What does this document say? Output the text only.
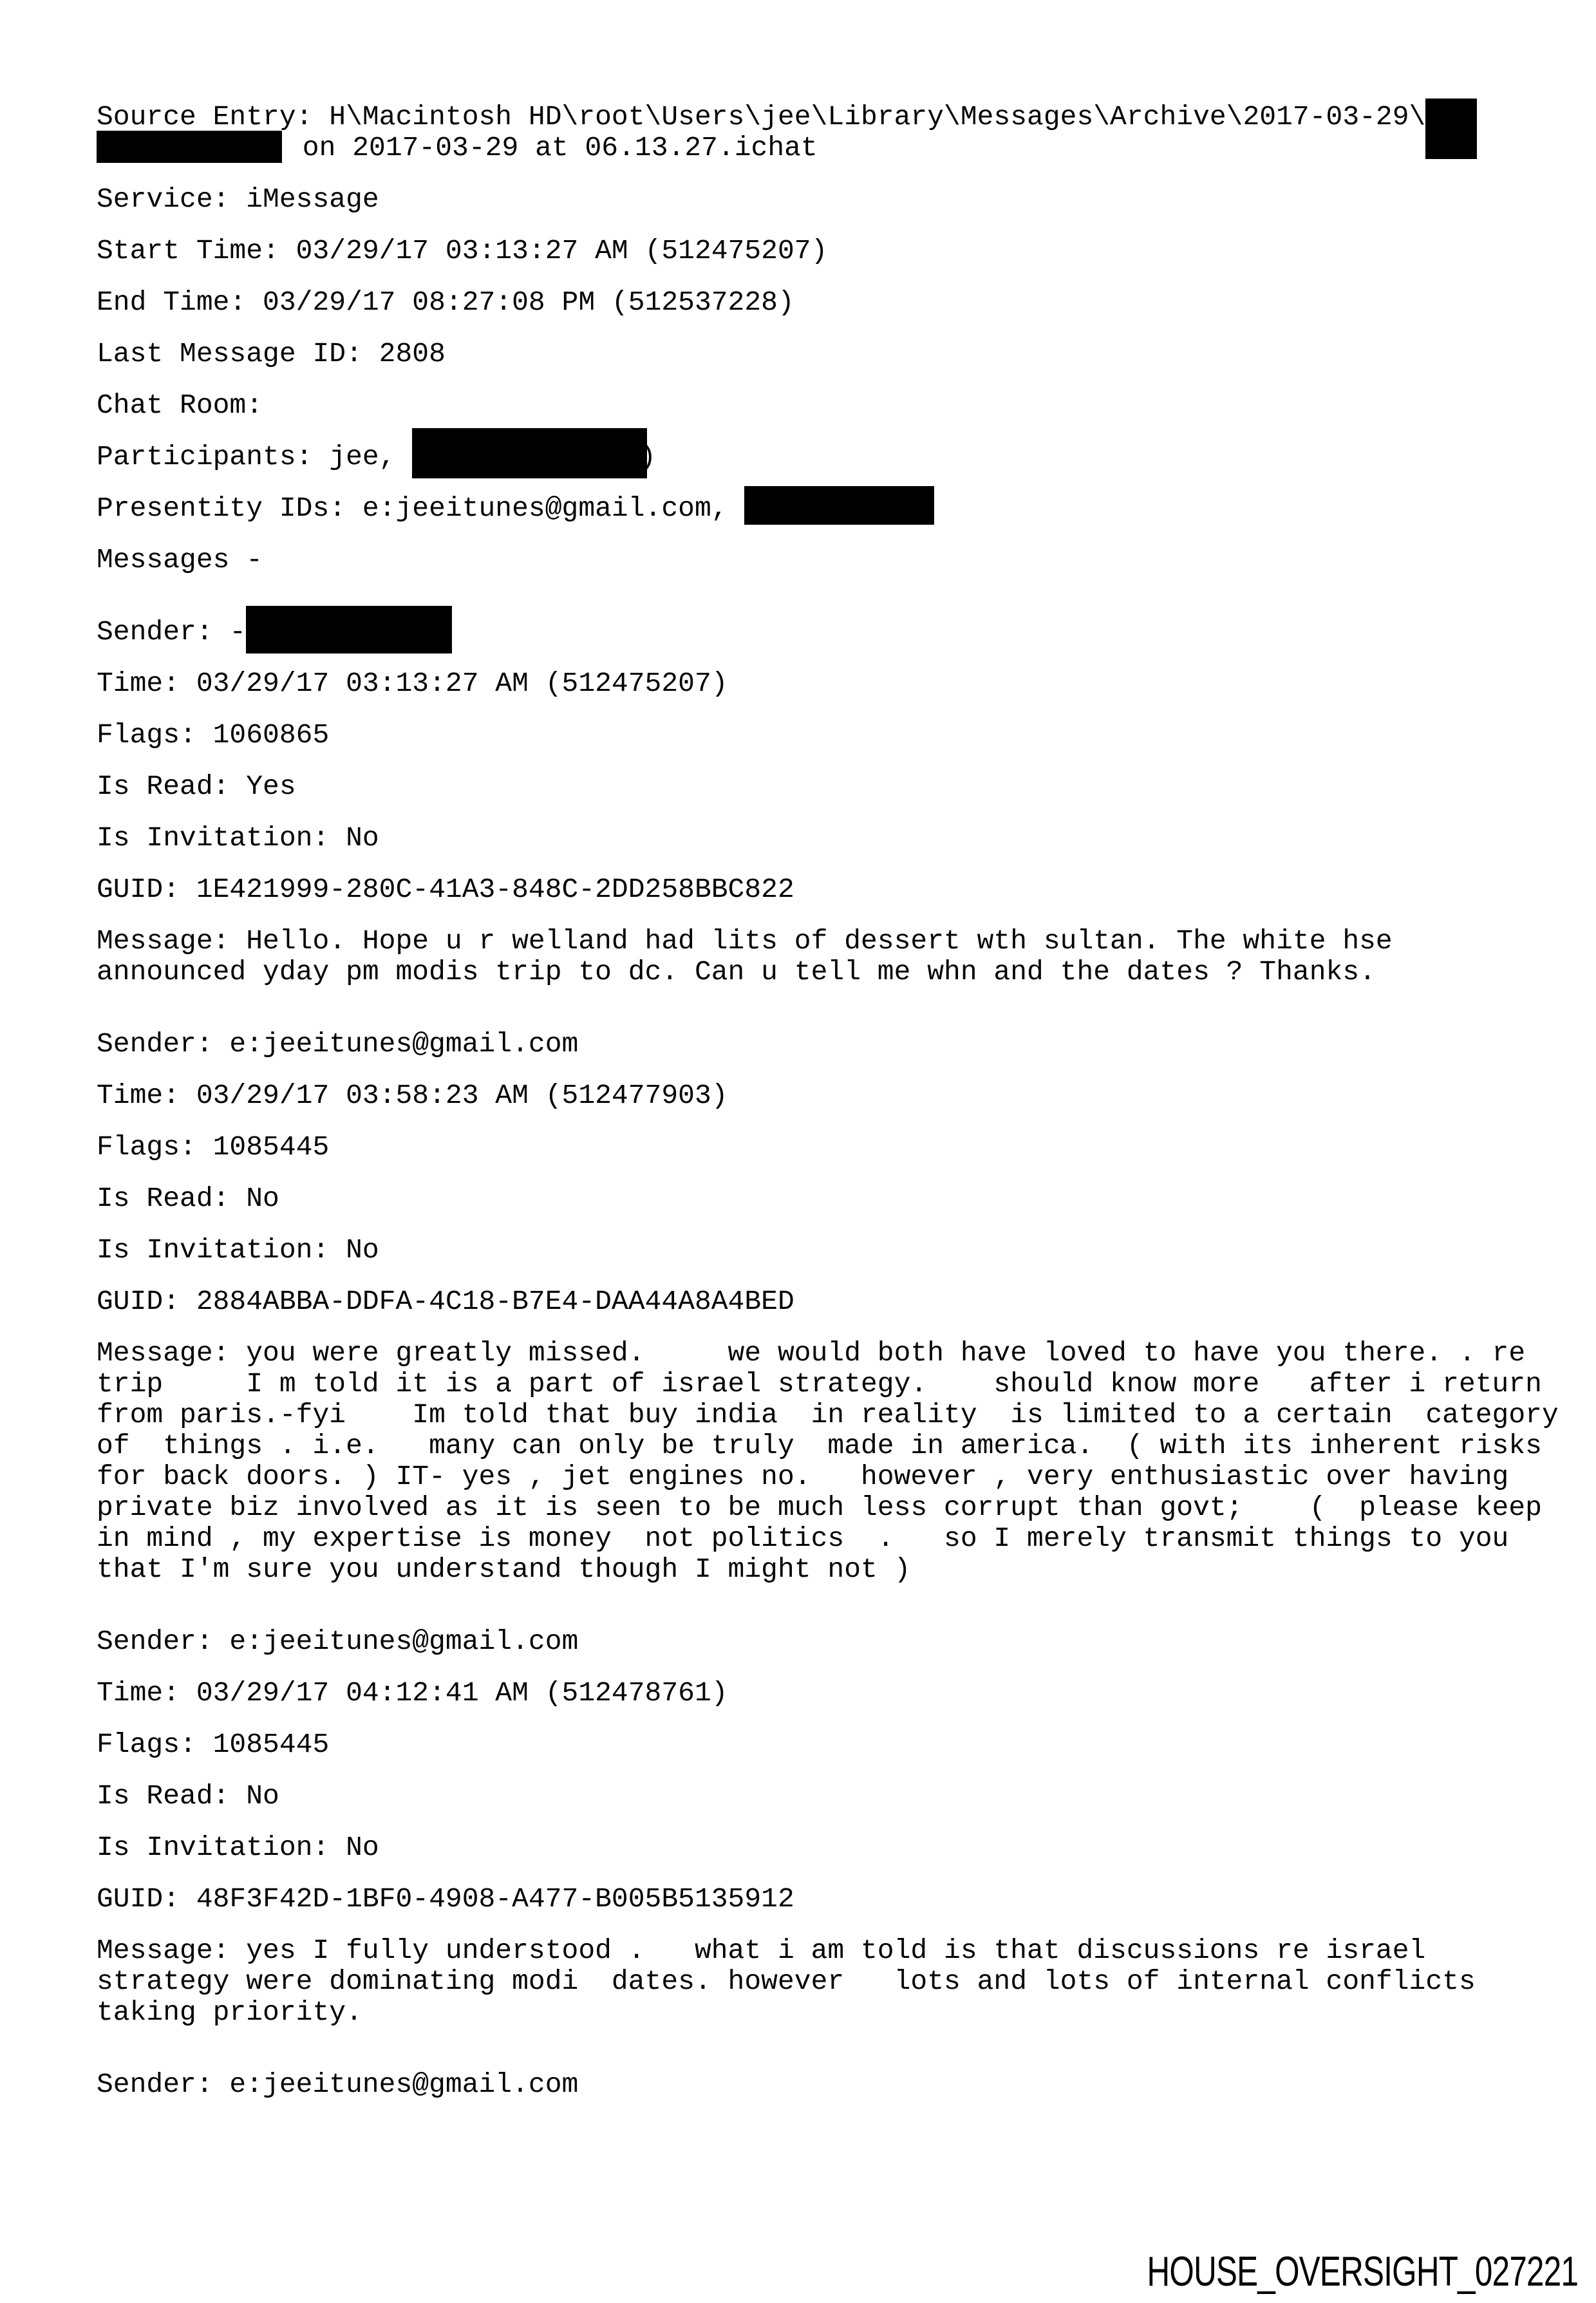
Source Entry: H\Macintosh HD\root\Users\jee\Library\Messages\Archive\2017-03-29\
on 2017-03-29 at 06.13.27.ichat
Service: iMessage
Start Time: 03/29/17 03:13:27 AM (512475207)
End Time: 03/29/17 08:27:08 PM (512537228)
Last Message ID: 2808
Chat Room:
Participants: jee,	)
Presentity IDs: e:jeeitunes@gmail.com,
Messages -
Sender: -
Time: 03/29/17 03:13:27 AM (512475207)
Flags: 1060865
Is Read: Yes
Is Invitation: No
GUID: 1E421999-280C-41A3-848C-2DD258BBC822
Message: Hello. Hope u r welland had lits of dessert wth sultan. The white hse
announced yday pm modis trip to dc. Can u tell me whn and the dates ? Thanks.
Sender: e:jeeitunes@gmail.com
Time: 03/29/17 03:58:23 AM (512477903)
Flags: 1085445
Is Read: No
Is Invitation: No
GUID: 2884ABBA-DDFA-4C18-B7E4-DAA44A8A4BED
Message: you were greatly missed.     we would both have loved to have you there. . re
trip     I m told it is a part of israel strategy.    should know more   after i return
from paris.-fyi    Im told that buy india  in reality  is limited to a certain  category
of  things . i.e.   many can only be truly  made in america.  ( with its inherent risks
for back doors. ) IT- yes , jet engines no.   however , very enthusiastic over having
private biz involved as it is seen to be much less corrupt than govt;    (  please keep
in mind , my expertise is money  not politics  .   so I merely transmit things to you
that I'm sure you understand though I might not )
Sender: e:jeeitunes@gmail.com
Time: 03/29/17 04:12:41 AM (512478761)
Flags: 1085445
Is Read: No
Is Invitation: No
GUID: 48F3F42D-1BF0-4908-A477-B005B5135912
Message: yes I fully understood .   what i am told is that discussions re israel
strategy were dominating modi  dates. however   lots and lots of internal conflicts
taking priority.
Sender: e:jeeitunes@gmail.com
HOUSE_OVERSIGHT_027221
